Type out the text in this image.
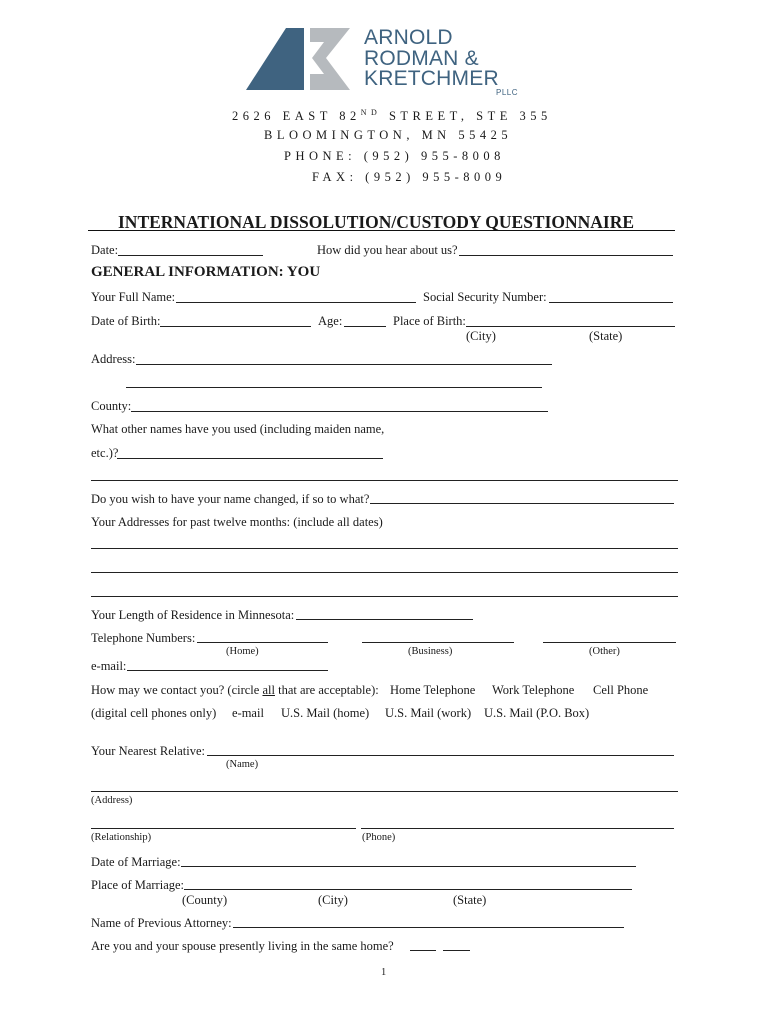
ARNOLD
RODMAN &
KRETCHMER
PLLC
2626 EAST 82ND STREET, STE 355
BLOOMINGTON, MN 55425
PHONE: (952) 955-8008
FAX: (952) 955-8009
INTERNATIONAL DISSOLUTION/CUSTODY QUESTIONNAIRE
Date:	How did you hear about us?
GENERAL INFORMATION: YOU
Your Full Name:	Social Security Number:
Date of Birth:	Age:	Place of Birth:
(City)	(State)
Address:
County:
What other names have you used (including maiden name,
etc.)?
Do you wish to have your name changed, if so to what?
Your Addresses for past twelve months: (include all dates)
Your Length of Residence in Minnesota:
Telephone Numbers:
(Home)	(Business)	(Other)
e-mail:
How may we contact you? (circle all that are acceptable): Home Telephone Work Telephone Cell Phone
(digital cell phones only) e-mail U.S. Mail (home) U.S. Mail (work) U.S. Mail (P.O. Box)
Your Nearest Relative:
(Name)
(Address)
(Relationship)	(Phone)
Date of Marriage:
Place of Marriage:
(County)	(City)	(State)
Name of Previous Attorney:
Are you and your spouse presently living in the same home?
1
